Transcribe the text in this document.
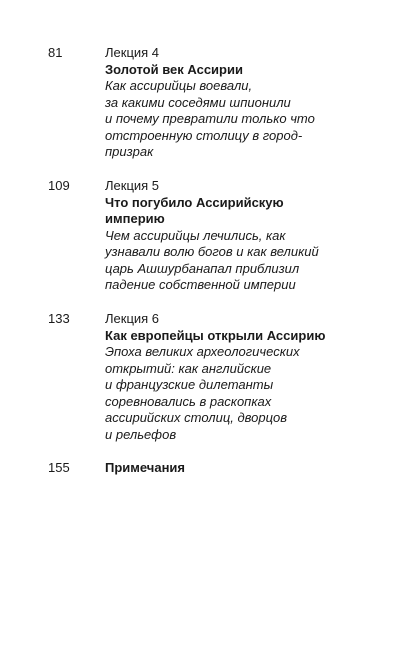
81	Лекция 4
Золотой век Ассирии
Как ассирийцы воевали,
за какими соседями шпионили
и почему превратили только что
отстроенную столицу в город-
призрак
109	Лекция 5
Что погубило Ассирийскую
империю
Чем ассирийцы лечились, как
узнавали волю богов и как великий
царь Ашшурбанапал приблизил
падение собственной империи
133	Лекция 6
Как европейцы открыли Ассирию
Эпоха великих археологических
открытий: как английские
и французские дилетанты
соревновались в раскопках
ассирийских столиц, дворцов
и рельефов
155	Примечания
